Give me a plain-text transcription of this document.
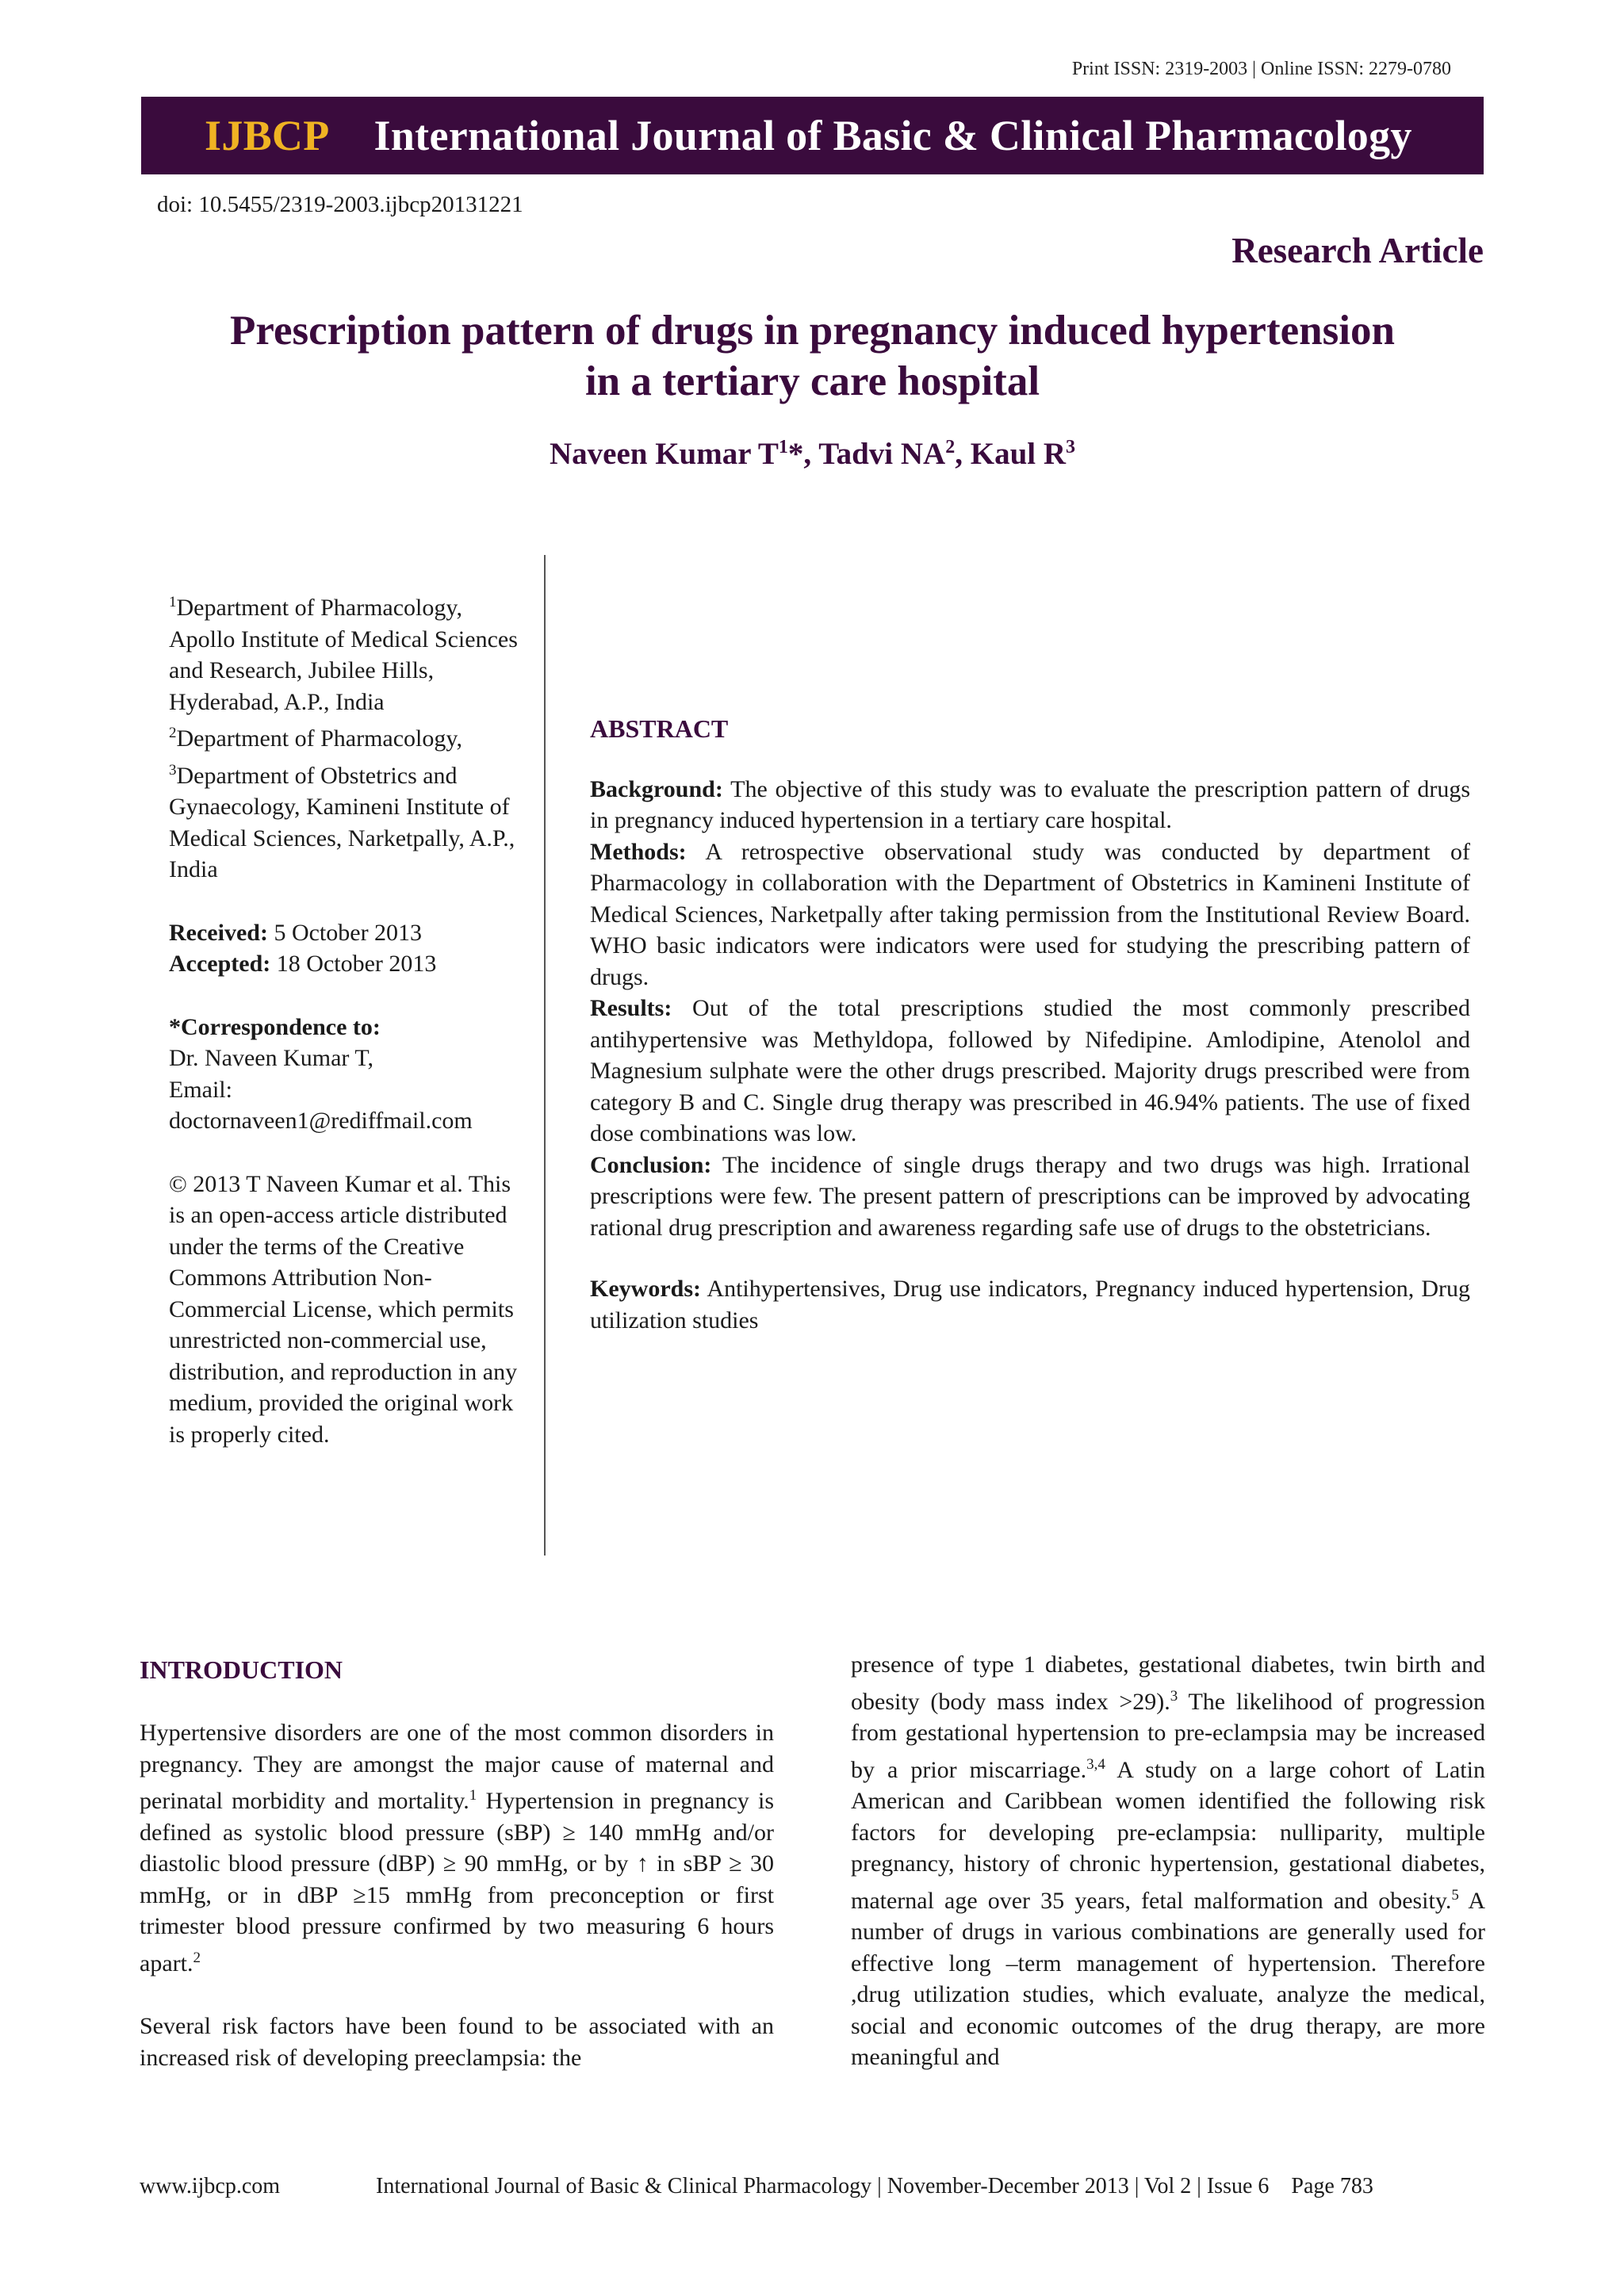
Print ISSN: 2319-2003 | Online ISSN: 2279-0780
IJBCP International Journal of Basic & Clinical Pharmacology
doi: 10.5455/2319-2003.ijbcp20131221
Research Article
Prescription pattern of drugs in pregnancy induced hypertension
in a tertiary care hospital
Naveen Kumar $T^1*$, Tadvi $NA^2$, Kaul $R^3$

$^1$Department of Pharmacology, Apollo Institute of Medical Sciences and Research, Jubilee Hills, Hyderabad, A.P., India

$^2$Department of Pharmacology,

$^3$Department of Obstetrics and Gynaecology, Kamineni Institute of Medical Sciences, Narketpally, A.P., India

Received: 5 October 2013

Accepted: 18 October 2013

*Correspondence to:

Dr. Naveen Kumar T,

Email:

doctornaveen1@rediffmail.com

© 2013 T Naveen Kumar et al. This is an open-access article distributed under the terms of the Creative Commons Attribution Non-Commercial License, which permits unrestricted non-commercial use, distribution, and reproduction in any medium, provided the original work is properly cited.

ABSTRACT

Background: The objective of this study was to evaluate the prescription pattern of drugs in pregnancy induced hypertension in a tertiary care hospital.

Methods: A retrospective observational study was conducted by department of Pharmacology in collaboration with the Department of Obstetrics in Kamineni Institute of Medical Sciences, Narketpally after taking permission from the Institutional Review Board. WHO basic indicators were indicators were used for studying the prescribing pattern of drugs.

Results: Out of the total prescriptions studied the most commonly prescribed antihypertensive was Methyldopa, followed by Nifedipine. Amlodipine, Atenolol and Magnesium sulphate were the other drugs prescribed. Majority drugs prescribed were from category B and C. Single drug therapy was prescribed in 46.94% patients. The use of fixed dose combinations was low.

Conclusion: The incidence of single drugs therapy and two drugs was high. Irrational prescriptions were few. The present pattern of prescriptions can be improved by advocating rational drug prescription and awareness regarding safe use of drugs to the obstetricians.

Keywords: Antihypertensives, Drug use indicators, Pregnancy induced hypertension, Drug utilization studies

INTRODUCTION

Hypertensive disorders are one of the most common disorders in pregnancy. They are amongst the major cause of maternal and perinatal morbidity and mortality.$^1$ Hypertension in pregnancy is defined as systolic blood pressure (sBP) ≥ 140 mmHg and/or diastolic blood pressure (dBP) ≥ 90 mmHg, or by ↑ in sBP ≥ 30 mmHg, or in dBP ≥15 mmHg from preconception or first trimester blood pressure confirmed by two measuring 6 hours apart.$^2$

Several risk factors have been found to be associated with an increased risk of developing preeclampsia: the

presence of type 1 diabetes, gestational diabetes, twin birth and obesity (body mass index >29).$^3$ The likelihood of progression from gestational hypertension to pre-eclampsia may be increased by a prior miscarriage.$^{3,4}$ A study on a large cohort of Latin American and Caribbean women identified the following risk factors for developing pre-eclampsia: nulliparity, multiple pregnancy, history of chronic hypertension, gestational diabetes, maternal age over 35 years, fetal malformation and obesity.$^5$ A number of drugs in various combinations are generally used for effective long –term management of hypertension. Therefore ,drug utilization studies, which evaluate, analyze the medical, social and economic outcomes of the drug therapy, are more meaningful and

www.ijbcp.com	International Journal of Basic & Clinical Pharmacology | November-December 2013 | Vol 2 | Issue 6    Page 783
